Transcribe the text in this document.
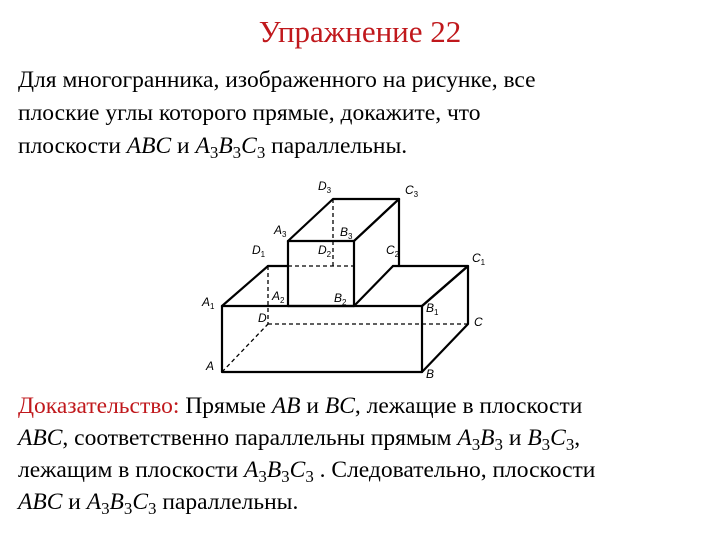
Упражнение 22
Для многогранника, изображенного на рисунке, все
плоские углы которого прямые, докажите, что
плоскости ABC и $A_3B_3C_3$ параллельны.
$D_3$	$C_3$
$A_3$	$B_3$
$D_1$	$D_2$	$C_2$	$C_1$
$A_1$
$A_2$	$B_2$	$B_1$
D	C
A
B
Доказательство: Прямые AB и BC, лежащие в плоскости
ABC, соответственно параллельны прямым $A_3B_3$ и $B_3C_3$,
лежащим в плоскости $A_3B_3C_3$ . Следовательно, плоскости
ABC и $A_3B_3C_3$ параллельны.
